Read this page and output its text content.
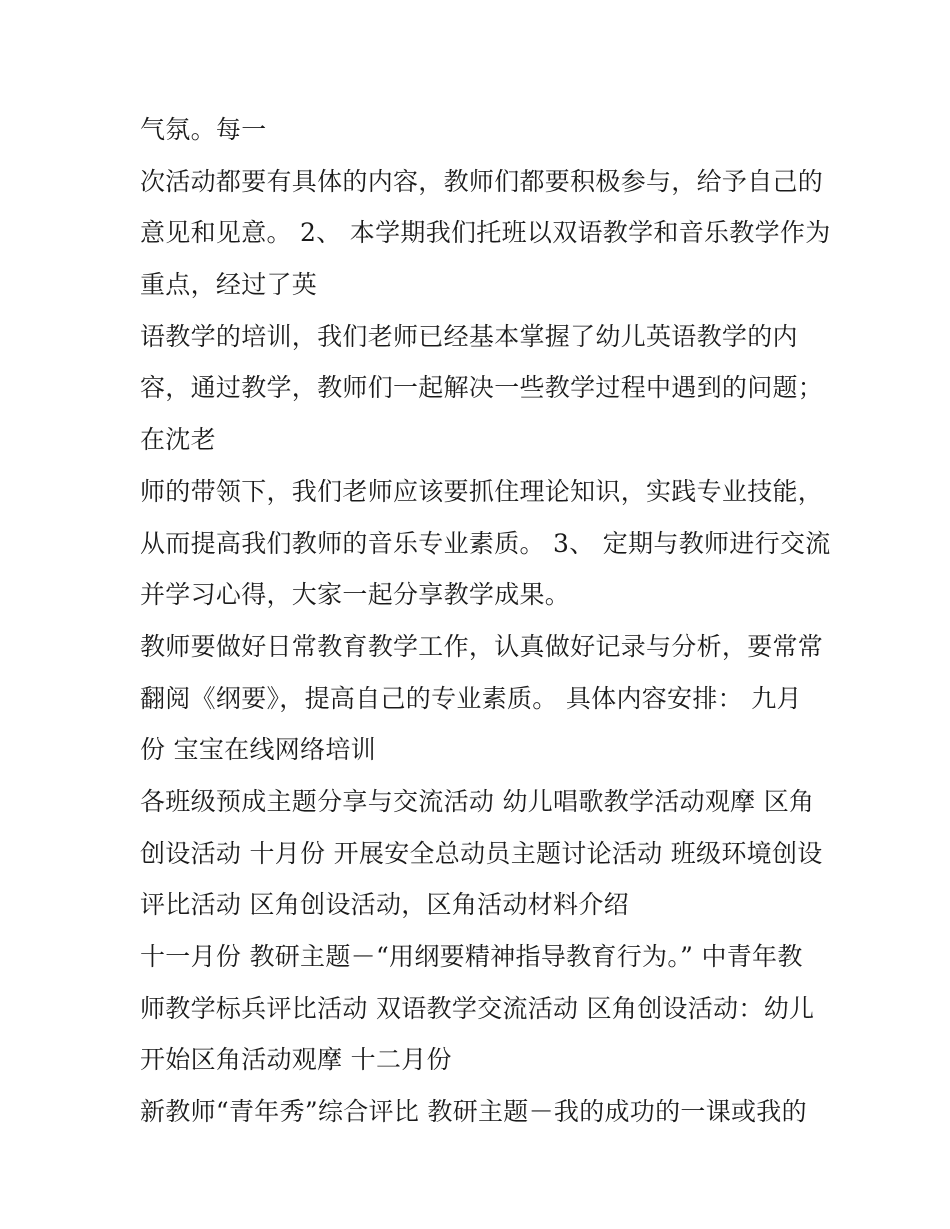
气氛。每一
次活动都要有具体的内容，教师们都要积极参与，给予自己的
意见和见意。 2、 本学期我们托班以双语教学和音乐教学作为
重点，经过了英
语教学的培训，我们老师已经基本掌握了幼儿英语教学的内
容，通过教学，教师们一起解决一些教学过程中遇到的问题；
在沈老
师的带领下，我们老师应该要抓住理论知识，实践专业技能，
从而提高我们教师的音乐专业素质。 3、 定期与教师进行交流
并学习心得，大家一起分享教学成果。
教师要做好日常教育教学工作，认真做好记录与分析，要常常
翻阅《纲要》，提高自己的专业素质。 具体内容安排： 九月
份 宝宝在线网络培训
各班级预成主题分享与交流活动 幼儿唱歌教学活动观摩 区角
创设活动 十月份 开展安全总动员主题讨论活动 班级环境创设
评比活动 区角创设活动，区角活动材料介绍
十一月份 教研主题－“用纲要精神指导教育行为。” 中青年教
师教学标兵评比活动 双语教学交流活动 区角创设活动：幼儿
开始区角活动观摩 十二月份
新教师“青年秀”综合评比 教研主题－我的成功的一课或我的
